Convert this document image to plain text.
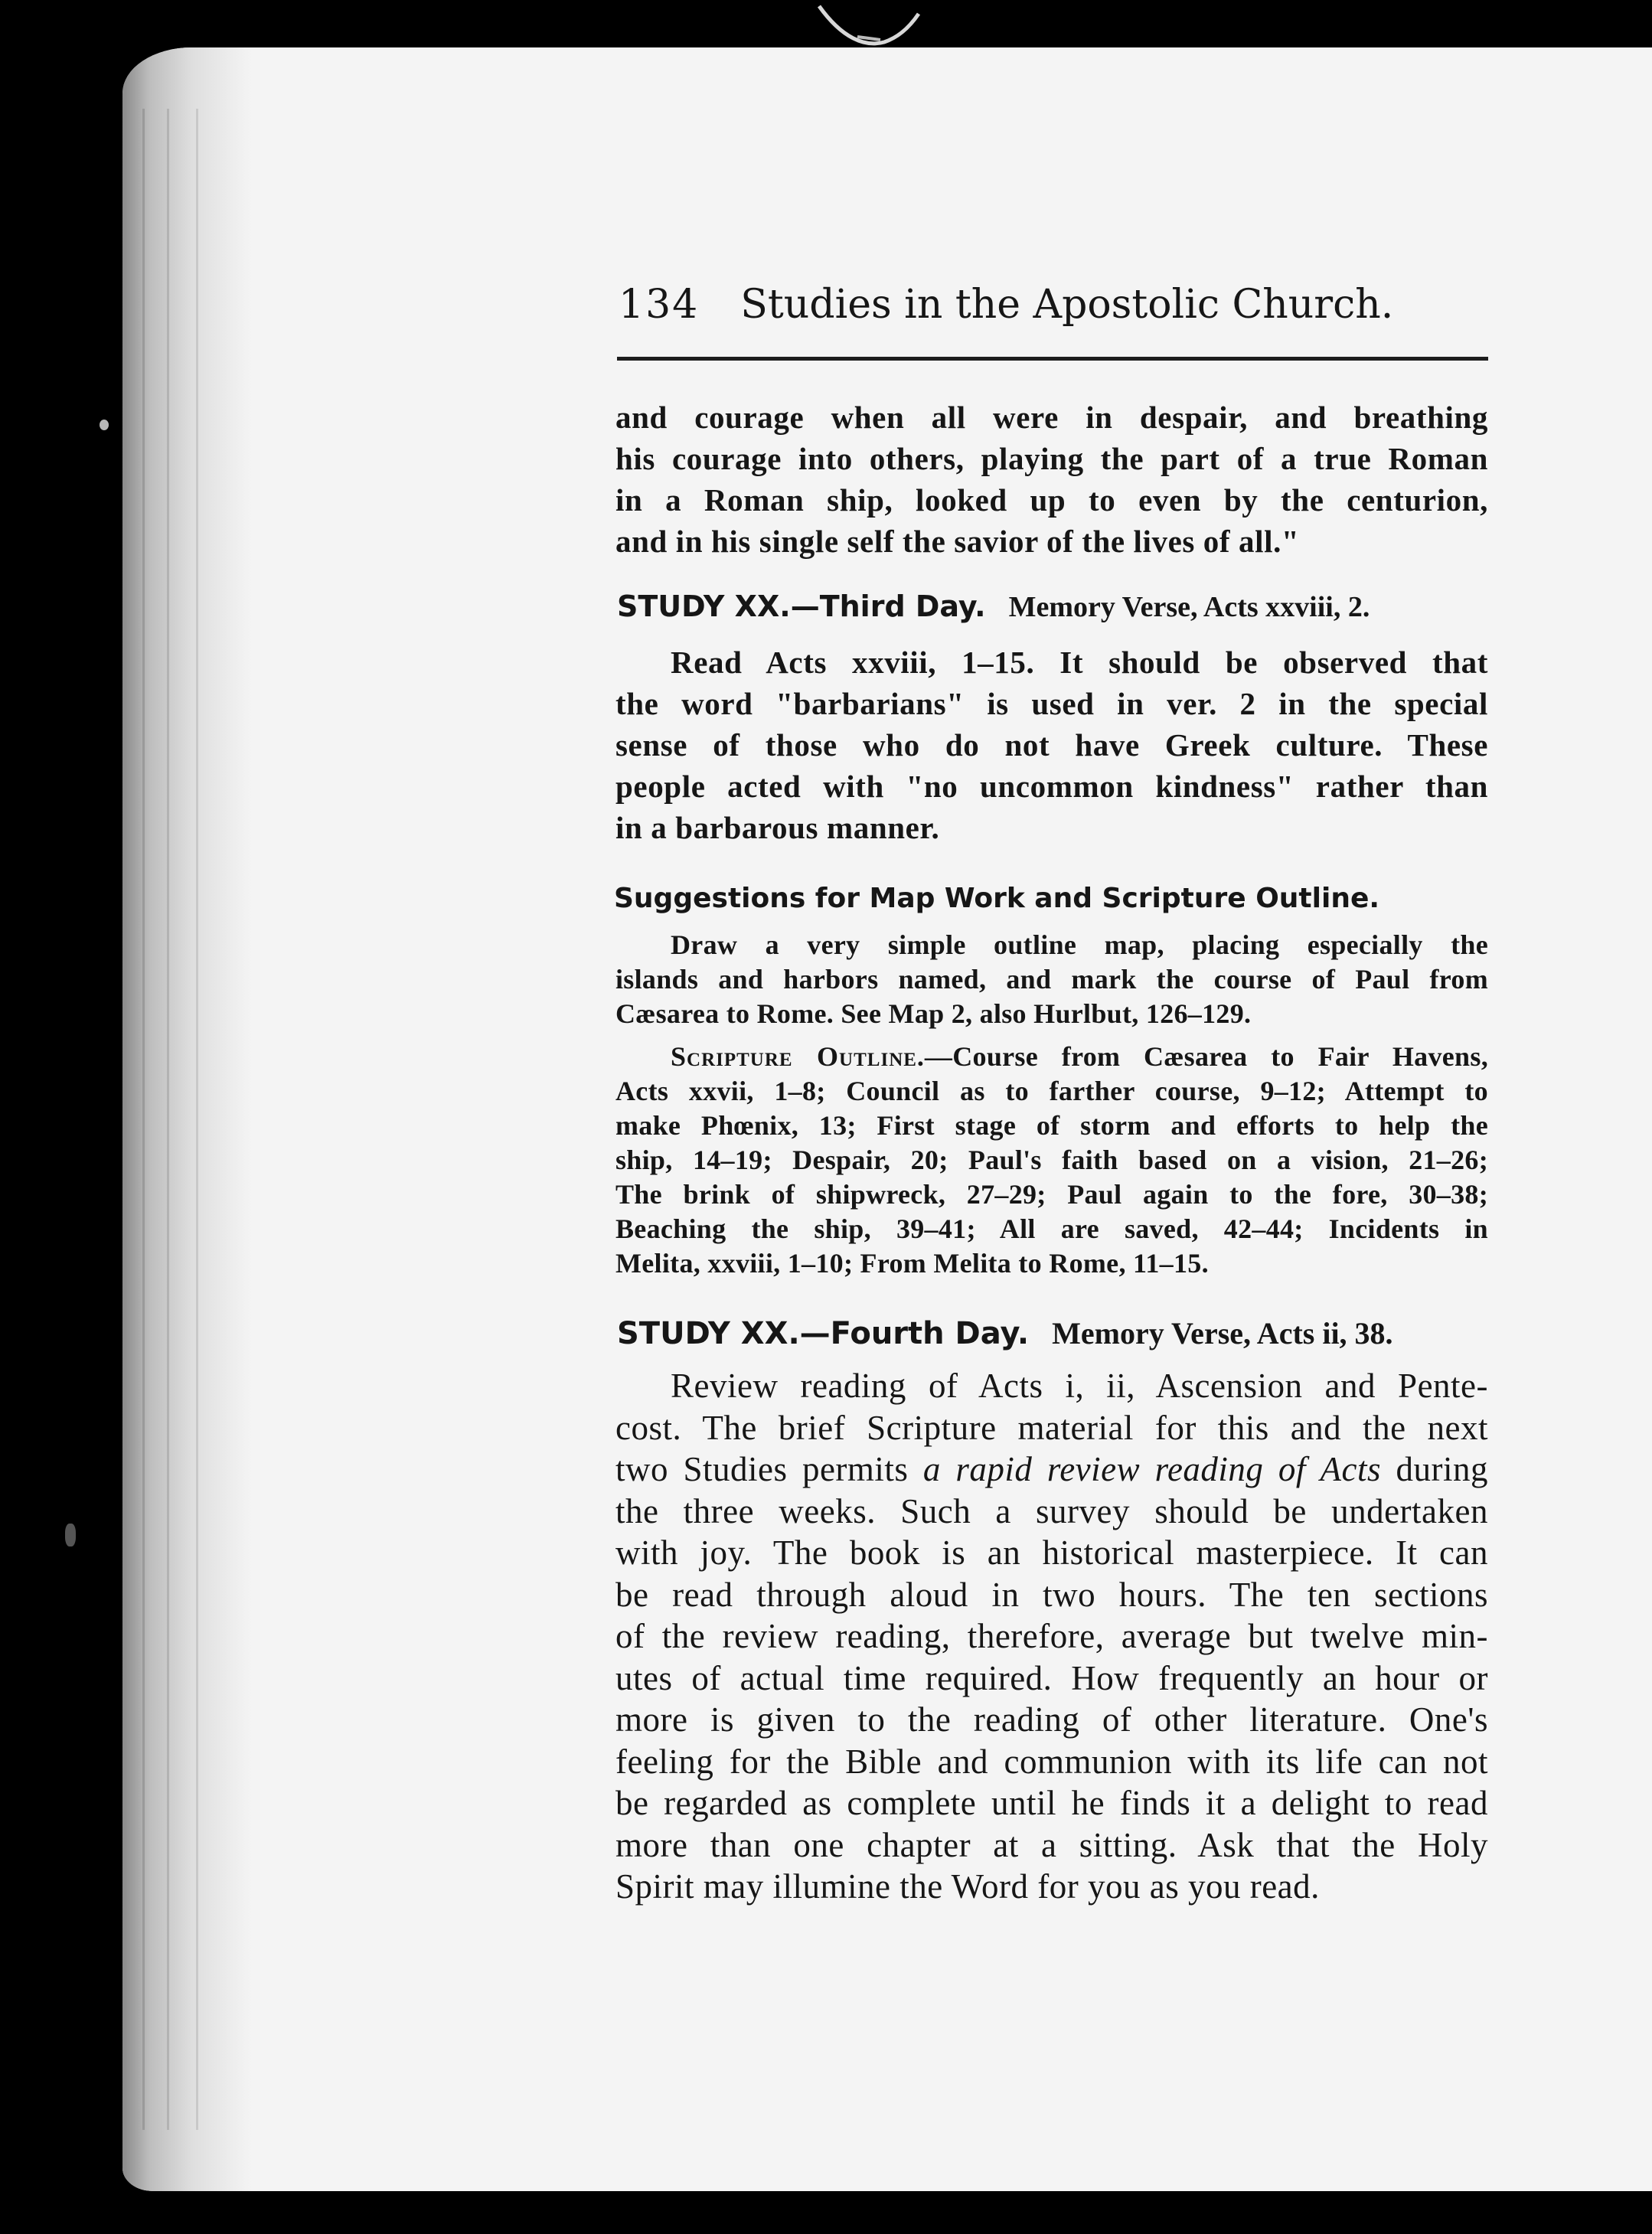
134 Studies in the Apostolic Church.
and courage when all were in despair, and breathing
his courage into others, playing the part of a true Roman
in a Roman ship, looked up to even by the centurion,
and in his single self the savior of the lives of all."
STUDY XX.—Third Day. Memory Verse, Acts xxviii, 2.
Read Acts xxviii, 1–15. It should be observed that
the word "barbarians" is used in ver. 2 in the special
sense of those who do not have Greek culture. These
people acted with "no uncommon kindness" rather than
in a barbarous manner.
Suggestions for Map Work and Scripture Outline.
Draw a very simple outline map, placing especially the
islands and harbors named, and mark the course of Paul from
Cæsarea to Rome. See Map 2, also Hurlbut, 126–129.
Scripture Outline.—Course from Cæsarea to Fair Havens,
Acts xxvii, 1–8; Council as to farther course, 9–12; Attempt to
make Phœnix, 13; First stage of storm and efforts to help the
ship, 14–19; Despair, 20; Paul's faith based on a vision, 21–26;
The brink of shipwreck, 27–29; Paul again to the fore, 30–38;
Beaching the ship, 39–41; All are saved, 42–44; Incidents in
Melita, xxviii, 1–10; From Melita to Rome, 11–15.
STUDY XX.—Fourth Day. Memory Verse, Acts ii, 38.
Review reading of Acts i, ii, Ascension and Pente-
cost. The brief Scripture material for this and the next
two Studies permits a rapid review reading of Acts during
the three weeks. Such a survey should be undertaken
with joy. The book is an historical masterpiece. It can
be read through aloud in two hours. The ten sections
of the review reading, therefore, average but twelve min-
utes of actual time required. How frequently an hour or
more is given to the reading of other literature. One's
feeling for the Bible and communion with its life can not
be regarded as complete until he finds it a delight to read
more than one chapter at a sitting. Ask that the Holy
Spirit may illumine the Word for you as you read.
